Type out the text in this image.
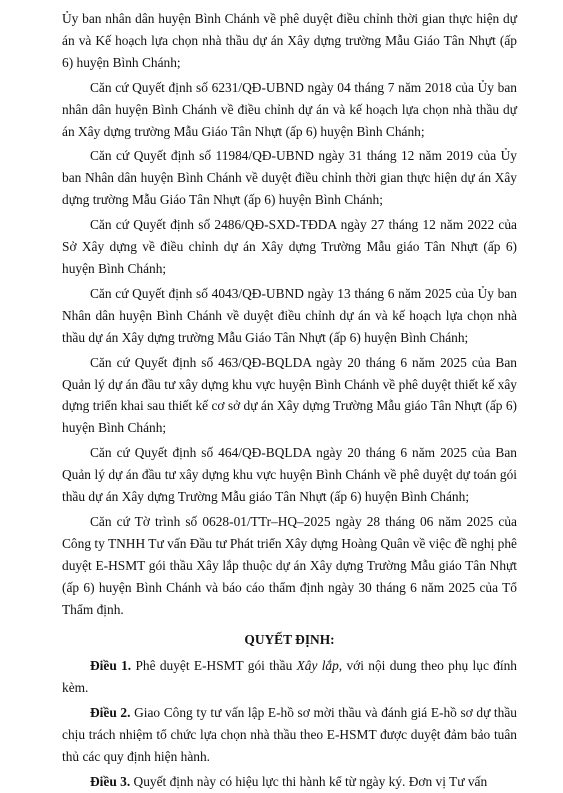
Ủy ban nhân dân huyện Bình Chánh về phê duyệt điều chỉnh thời gian thực hiện dự án và Kế hoạch lựa chọn nhà thầu dự án Xây dựng trường Mẫu Giáo Tân Nhựt (ấp 6) huyện Bình Chánh;

Căn cứ Quyết định số 6231/QĐ-UBND ngày 04 tháng 7 năm 2018 của Ủy ban nhân dân huyện Bình Chánh về điều chỉnh dự án và kế hoạch lựa chọn nhà thầu dự án Xây dựng trường Mẫu Giáo Tân Nhựt (ấp 6) huyện Bình Chánh;

Căn cứ Quyết định số 11984/QĐ-UBND ngày 31 tháng 12 năm 2019 của Ủy ban Nhân dân huyện Bình Chánh về duyệt điều chỉnh thời gian thực hiện dự án Xây dựng trường Mẫu Giáo Tân Nhựt (ấp 6) huyện Bình Chánh;

Căn cứ Quyết định số 2486/QĐ-SXD-TĐDA ngày 27 tháng 12 năm 2022 của Sở Xây dựng về điều chỉnh dự án Xây dựng Trường Mẫu giáo Tân Nhựt (ấp 6) huyện Bình Chánh;

Căn cứ Quyết định số 4043/QĐ-UBND ngày 13 tháng 6 năm 2025 của Ủy ban Nhân dân huyện Bình Chánh về duyệt điều chỉnh dự án và kế hoạch lựa chọn nhà thầu dự án Xây dựng trường Mẫu Giáo Tân Nhựt (ấp 6) huyện Bình Chánh;

Căn cứ Quyết định số 463/QĐ-BQLDA ngày 20 tháng 6 năm 2025 của Ban Quản lý dự án đầu tư xây dựng khu vực huyện Bình Chánh về phê duyệt thiết kế xây dựng triển khai sau thiết kế cơ sở dự án Xây dựng Trường Mẫu giáo Tân Nhựt (ấp 6) huyện Bình Chánh;

Căn cứ Quyết định số 464/QĐ-BQLDA ngày 20 tháng 6 năm 2025 của Ban Quản lý dự án đầu tư xây dựng khu vực huyện Bình Chánh về phê duyệt dự toán gói thầu dự án Xây dựng Trường Mẫu giáo Tân Nhựt (ấp 6) huyện Bình Chánh;

Căn cứ Tờ trình số 0628-01/TTr–HQ–2025 ngày 28 tháng 06 năm 2025 của Công ty TNHH Tư vấn Đầu tư Phát triển Xây dựng Hoàng Quân về việc đề nghị phê duyệt E-HSMT gói thầu Xây lắp thuộc dự án Xây dựng Trường Mẫu giáo Tân Nhựt (ấp 6) huyện Bình Chánh và báo cáo thẩm định ngày 30 tháng 6 năm 2025 của Tổ Thẩm định.

QUYẾT ĐỊNH:

Điều 1. Phê duyệt E-HSMT gói thầu Xây lắp, với nội dung theo phụ lục đính kèm.

Điều 2. Giao Công ty tư vấn lập E-hồ sơ mời thầu và đánh giá E-hồ sơ dự thầu chịu trách nhiệm tổ chức lựa chọn nhà thầu theo E-HSMT được duyệt đảm bảo tuân thủ các quy định hiện hành.

Điều 3. Quyết định này có hiệu lực thi hành kể từ ngày ký. Đơn vị Tư vấn
